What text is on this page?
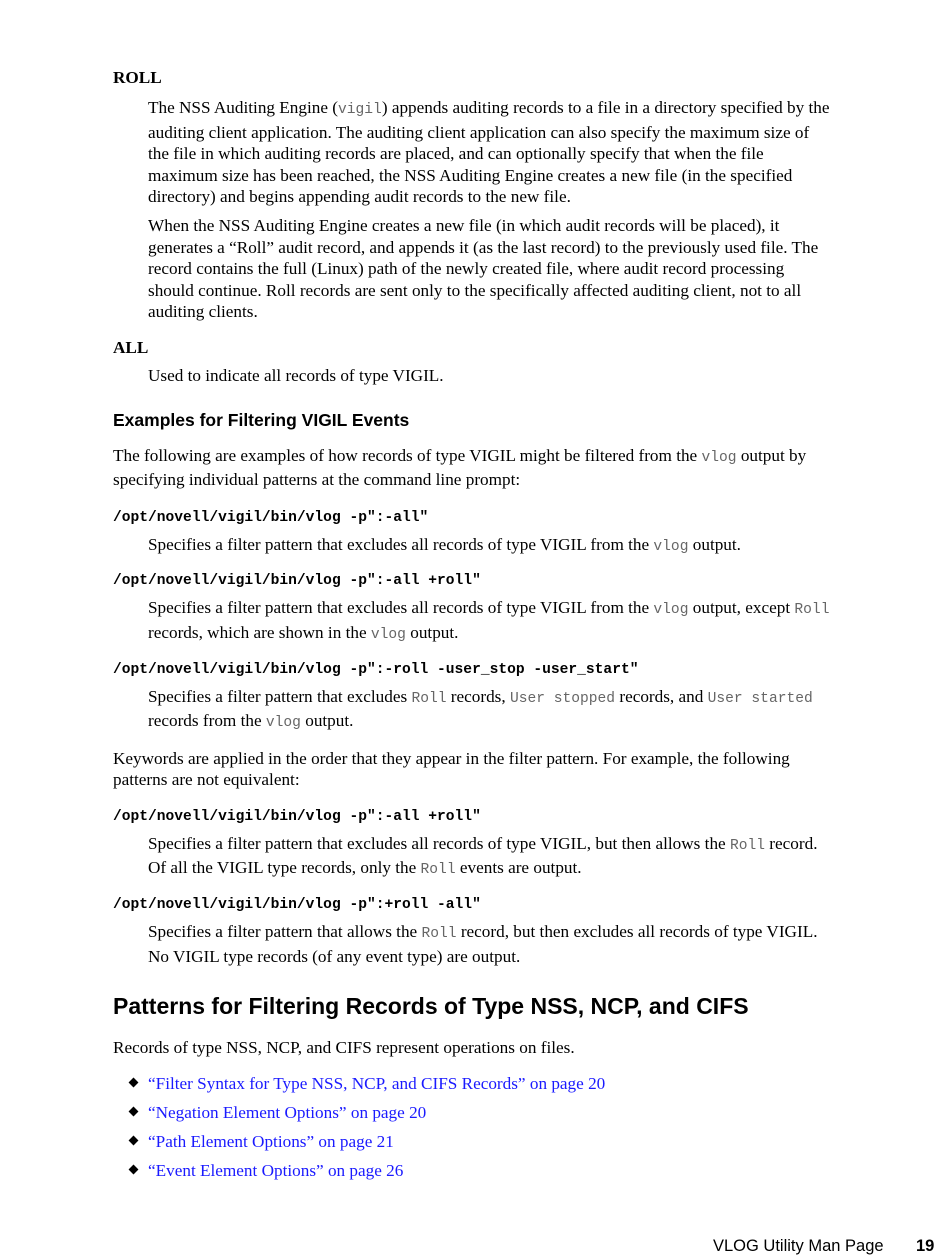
ROLL

The NSS Auditing Engine (vigil) appends auditing records to a file in a directory specified by the auditing client application. The auditing client application can also specify the maximum size of the file in which auditing records are placed, and can optionally specify that when the file maximum size has been reached, the NSS Auditing Engine creates a new file (in the specified directory) and begins appending audit records to the new file.

When the NSS Auditing Engine creates a new file (in which audit records will be placed), it generates a “Roll” audit record, and appends it (as the last record) to the previously used file. The record contains the full (Linux) path of the newly created file, where audit record processing should continue. Roll records are sent only to the specifically affected auditing client, not to all auditing clients.

ALL

Used to indicate all records of type VIGIL.

Examples for Filtering VIGIL Events

The following are examples of how records of type VIGIL might be filtered from the vlog output by specifying individual patterns at the command line prompt:

/opt/novell/vigil/bin/vlog -p":-all"

Specifies a filter pattern that excludes all records of type VIGIL from the vlog output.

/opt/novell/vigil/bin/vlog -p":-all +roll"

Specifies a filter pattern that excludes all records of type VIGIL from the vlog output, except Roll records, which are shown in the vlog output.

/opt/novell/vigil/bin/vlog -p":-roll -user_stop -user_start"

Specifies a filter pattern that excludes Roll records, User stopped records, and User started records from the vlog output.

Keywords are applied in the order that they appear in the filter pattern. For example, the following patterns are not equivalent:

/opt/novell/vigil/bin/vlog -p":-all +roll"

Specifies a filter pattern that excludes all records of type VIGIL, but then allows the Roll record. Of all the VIGIL type records, only the Roll events are output.

/opt/novell/vigil/bin/vlog -p":+roll -all"

Specifies a filter pattern that allows the Roll record, but then excludes all records of type VIGIL. No VIGIL type records (of any event type) are output.

Patterns for Filtering Records of Type NSS, NCP, and CIFS

Records of type NSS, NCP, and CIFS represent operations on files.

“Filter Syntax for Type NSS, NCP, and CIFS Records” on page 20
“Negation Element Options” on page 20
“Path Element Options” on page 21
“Event Element Options” on page 26
VLOG Utility Man Page 19
